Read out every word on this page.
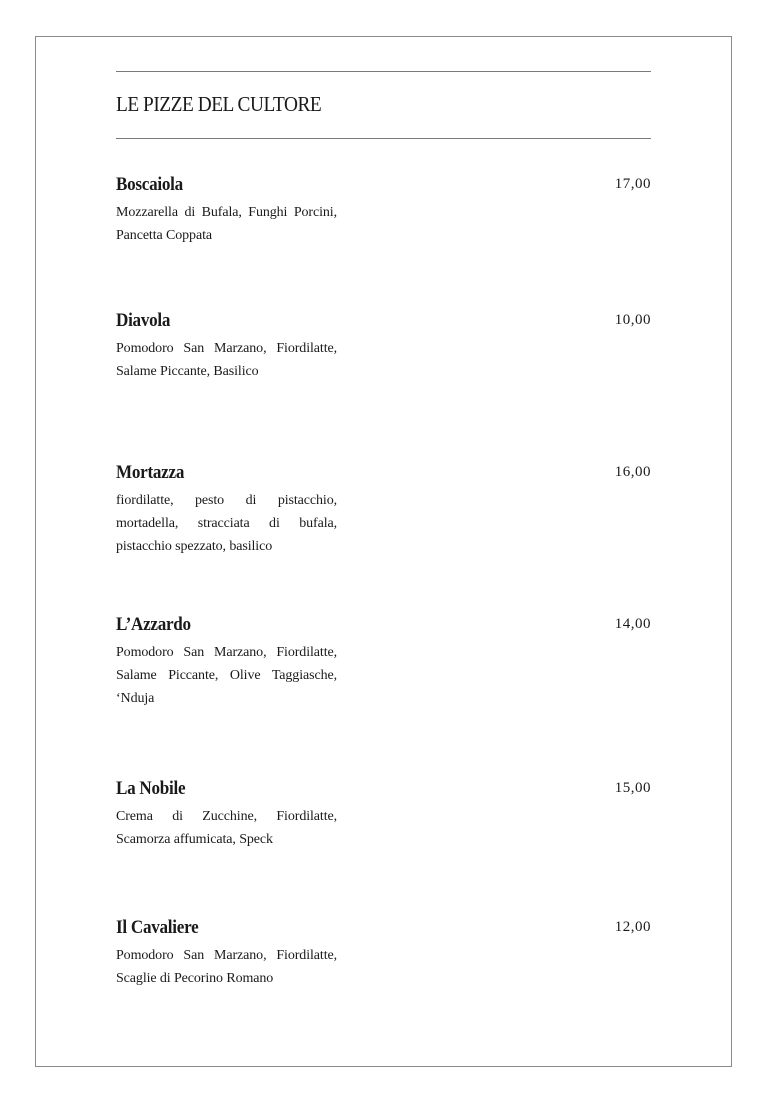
LE PIZZE DEL CULTORE
Boscaiola	17,00
Mozzarella di Bufala, Funghi Porcini, Pancetta Coppata
Diavola	10,00
Pomodoro San Marzano, Fiordilatte, Salame Piccante, Basilico
Mortazza	16,00
fiordilatte, pesto di pistacchio, mortadella, stracciata di bufala, pistacchio spezzato, basilico
L’Azzardo	14,00
Pomodoro San Marzano, Fiordilatte, Salame Piccante, Olive Taggiasche, ‘Nduja
La Nobile	15,00
Crema di Zucchine, Fiordilatte, Scamorza affumicata, Speck
Il Cavaliere	12,00
Pomodoro San Marzano, Fiordilatte, Scaglie di Pecorino Romano
